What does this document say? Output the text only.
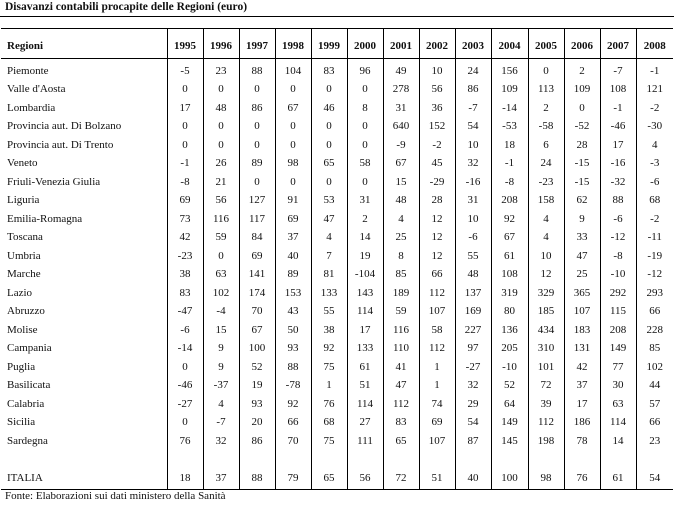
Disavanzi contabili procapite delle Regioni (euro)
Regioni	1995	1996	1997	1998	1999	2000	2001	2002	2003	2004	2005	2006	2007	2008
Piemonte	-5	23	88	104	83	96	49	10	24	156	0	2	-7	-1
Valle d'Aosta	0	0	0	0	0	0	278	56	86	109	113	109	108	121
Lombardia	17	48	86	67	46	8	31	36	-7	-14	2	0	-1	-2
Provincia aut. Di Bolzano	0	0	0	0	0	0	640	152	54	-53	-58	-52	-46	-30
Provincia aut. Di Trento	0	0	0	0	0	0	-9	-2	10	18	6	28	17	4
Veneto	-1	26	89	98	65	58	67	45	32	-1	24	-15	-16	-3
Friuli-Venezia Giulia	-8	21	0	0	0	0	15	-29	-16	-8	-23	-15	-32	-6
Liguria	69	56	127	91	53	31	48	28	31	208	158	62	88	68
Emilia-Romagna	73	116	117	69	47	2	4	12	10	92	4	9	-6	-2
Toscana	42	59	84	37	4	14	25	12	-6	67	4	33	-12	-11
Umbria	-23	0	69	40	7	19	8	12	55	61	10	47	-8	-19
Marche	38	63	141	89	81	-104	85	66	48	108	12	25	-10	-12
Lazio	83	102	174	153	133	143	189	112	137	319	329	365	292	293
Abruzzo	-47	-4	70	43	55	114	59	107	169	80	185	107	115	66
Molise	-6	15	67	50	38	17	116	58	227	136	434	183	208	228
Campania	-14	9	100	93	92	133	110	112	97	205	310	131	149	85
Puglia	0	9	52	88	75	61	41	1	-27	-10	101	42	77	102
Basilicata	-46	-37	19	-78	1	51	47	1	32	52	72	37	30	44
Calabria	-27	4	93	92	76	114	112	74	29	64	39	17	63	57
Sicilia	0	-7	20	66	68	27	83	69	54	149	112	186	114	66
Sardegna	76	32	86	70	75	111	65	107	87	145	198	78	14	23

ITALIA	18	37	88	79	65	56	72	51	40	100	98	76	61	54
Fonte: Elaborazioni sui dati ministero della Sanità
